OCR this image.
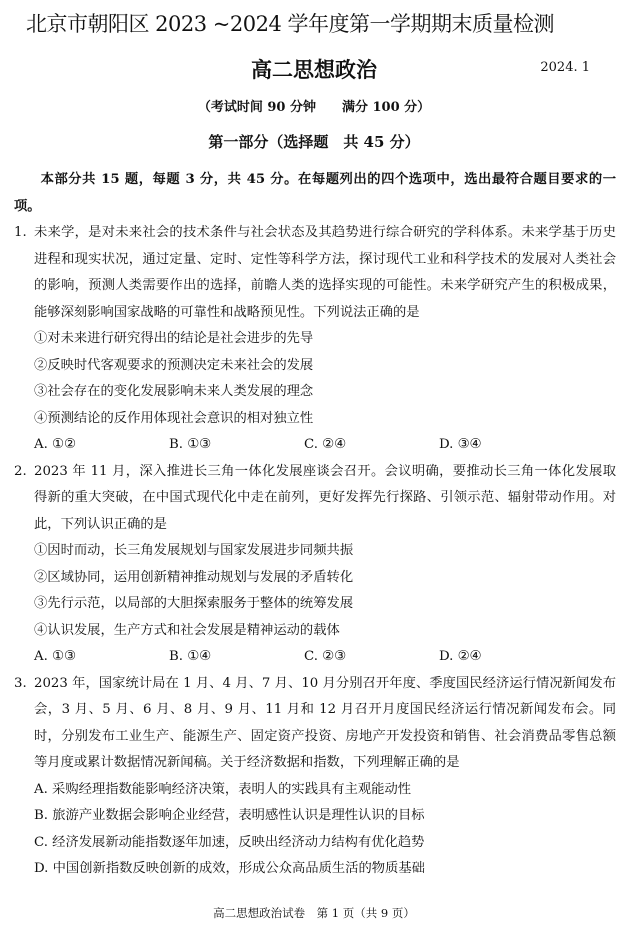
北京市朝阳区 2023 ~2024 学年度第一学期期末质量检测
高二思想政治	2024. 1
（考试时间 90 分钟　　满分 100 分）
第一部分（选择题　共 45 分）
本部分共 15 题，每题 3 分，共 45 分。在每题列出的四个选项中，选出最符合题目要求的一项。
1. 未来学，是对未来社会的技术条件与社会状态及其趋势进行综合研究的学科体系。未来学基于历史进程和现实状况，通过定量、定时、定性等科学方法，探讨现代工业和科学技术的发展对人类社会的影响，预测人类需要作出的选择，前瞻人类的选择实现的可能性。未来学研究产生的积极成果，能够深刻影响国家战略的可靠性和战略预见性。下列说法正确的是
①对未来进行研究得出的结论是社会进步的先导
②反映时代客观要求的预测决定未来社会的发展
③社会存在的变化发展影响未来人类发展的理念
④预测结论的反作用体现社会意识的相对独立性
A. ①②	B. ①③	C. ②④	D. ③④
2. 2023 年 11 月，深入推进长三角一体化发展座谈会召开。会议明确，要推动长三角一体化发展取得新的重大突破，在中国式现代化中走在前列，更好发挥先行探路、引领示范、辐射带动作用。对此，下列认识正确的是
①因时而动，长三角发展规划与国家发展进步同频共振
②区域协同，运用创新精神推动规划与发展的矛盾转化
③先行示范，以局部的大胆探索服务于整体的统筹发展
④认识发展，生产方式和社会发展是精神运动的载体
A. ①③	B. ①④	C. ②③	D. ②④
3. 2023 年，国家统计局在 1 月、4 月、7 月、10 月分别召开年度、季度国民经济运行情况新闻发布会，3 月、5 月、6 月、8 月、9 月、11 月和 12 月召开月度国民经济运行情况新闻发布会。同时，分别发布工业生产、能源生产、固定资产投资、房地产开发投资和销售、社会消费品零售总额等月度或累计数据情况新闻稿。关于经济数据和指数，下列理解正确的是
A. 采购经理指数能影响经济决策，表明人的实践具有主观能动性
B. 旅游产业数据会影响企业经营，表明感性认识是理性认识的目标
C. 经济发展新动能指数逐年加速，反映出经济动力结构有优化趋势
D. 中国创新指数反映创新的成效，形成公众高品质生活的物质基础
高二思想政治试卷　第 1 页（共 9 页）
